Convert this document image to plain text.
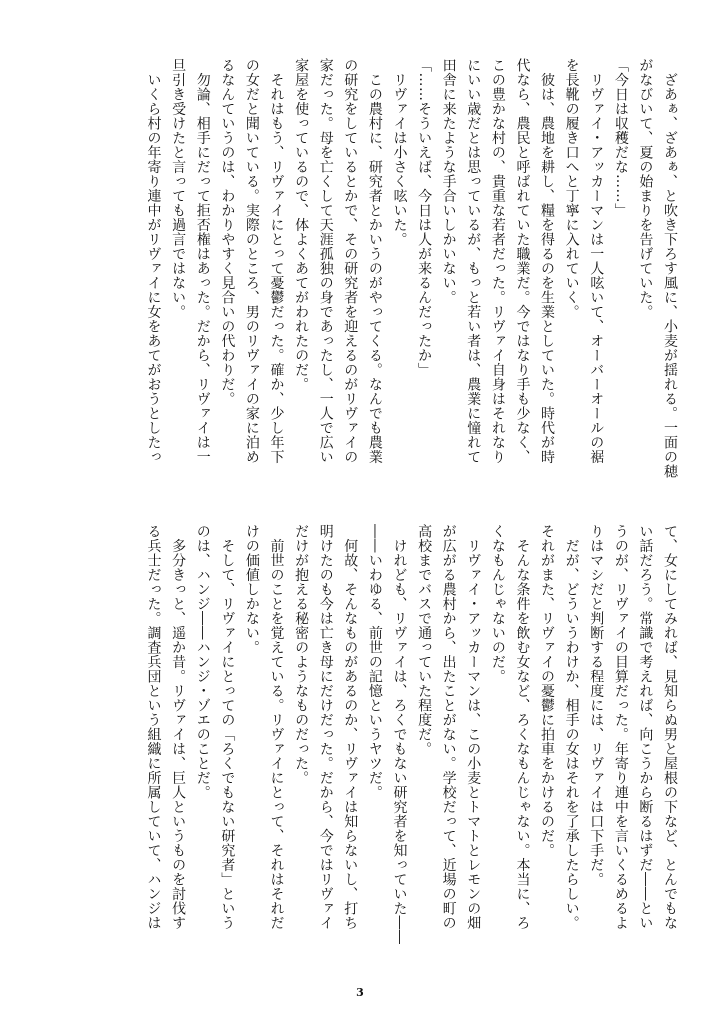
　ざあぁ、ざあぁ、と吹き下ろす風に、小麦が揺れる。一面の穂
がなびいて、夏の始まりを告げていた。
「今日は収穫だな……」
　リヴァイ・アッカーマンは一人呟いて、オーバーオールの裾
を長靴の履き口へと丁寧に入れていく。
　彼は、農地を耕し、糧を得るのを生業としていた。時代が時
代なら、農民と呼ばれていた職業だ。今ではなり手も少なく、
この豊かな村の、貴重な若者だった。リヴァイ自身はそれなり
にいい歳だとは思っているが、もっと若い者は、農業に憧れて
田舎に来たような手合いしかいない。
「……そういえば、今日は人が来るんだったか」
　リヴァイは小さく呟いた。
　この農村に、研究者とかいうのがやってくる。なんでも農業
の研究をしているとかで、その研究者を迎えるのがリヴァイの
家だった。母を亡くして天涯孤独の身であったし、一人で広い
家屋を使っているので、体よくあてがわれたのだ。
　それはもう、リヴァイにとって憂鬱だった。確か、少し年下
の女だと聞いている。実際のところ、男のリヴァイの家に泊め
るなんていうのは、わかりやすく見合いの代わりだ。
　勿論、相手にだって拒否権はあった。だから、リヴァイは一
旦引き受けたと言っても過言ではない。
　いくら村の年寄り連中がリヴァイに女をあてがおうとしたっ
て、女にしてみれば、見知らぬ男と屋根の下など、とんでもな
い話だろう。常識で考えれば、向こうから断るはずだ――とい
うのが、リヴァイの目算だった。年寄り連中を言いくるめるよ
りはマシだと判断する程度には、リヴァイは口下手だ。
　だが、どういうわけか、相手の女はそれを了承したらしい。
それがまた、リヴァイの憂鬱に拍車をかけるのだ。
　そんな条件を飲む女など、ろくなもんじゃない。本当に、ろ
くなもんじゃないのだ。
　リヴァイ・アッカーマンは、この小麦とトマトとレモンの畑
が広がる農村から、出たことがない。学校だって、近場の町の
高校までバスで通っていた程度だ。
　けれども、リヴァイは、ろくでもない研究者を知っていた――
――いわゆる、前世の記憶というヤツだ。
　何故、そんなものがあるのか、リヴァイは知らないし、打ち
明けたのも今は亡き母にだけだった。だから、今ではリヴァイ
だけが抱える秘密のようなものだった。
　前世のことを覚えている。リヴァイにとって、それはそれだ
けの価値しかない。
　そして、リヴァイにとっての「ろくでもない研究者」という
のは、ハンジ――ハンジ・ゾエのことだ。
　多分きっと、遥か昔。リヴァイは、巨人というものを討伐す
る兵士だった。調査兵団という組織に所属していて、ハンジは
3
